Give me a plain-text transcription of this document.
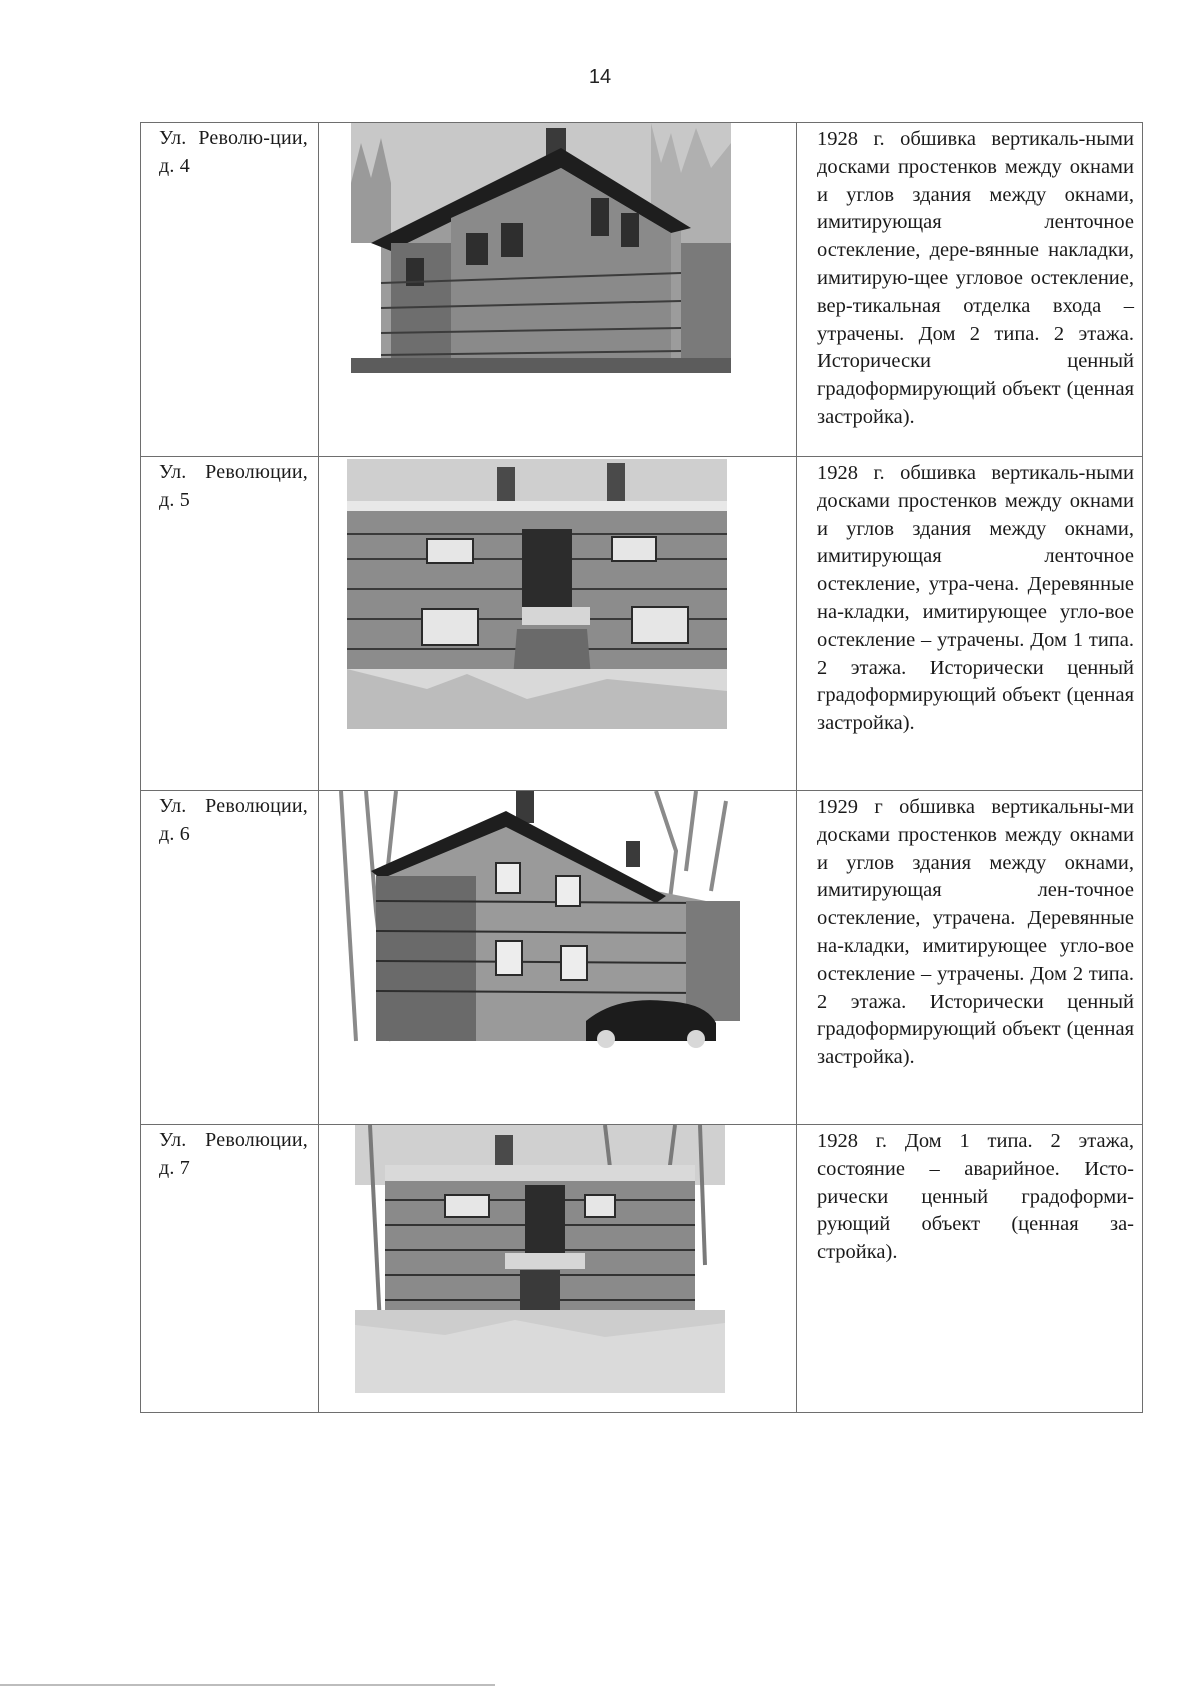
14
Ул. Револю-ции, д. 4		1928 г. обшивка вертикаль-ными досками простенков между окнами и углов здания между окнами, имитирующая ленточное остекление, дере-вянные накладки, имитирую-щее угловое остекление, вер-тикальная отделка входа – утрачены. Дом 2 типа. 2 этажа. Исторически ценный градоформирующий объект (ценная застройка).

Ул. Революции, д. 5		1928 г. обшивка вертикаль-ными досками простенков между окнами и углов здания между окнами, имитирующая ленточное остекление, утра-чена. Деревянные на-кладки, имитирующее угло-вое остекление – утрачены. Дом 1 типа. 2 этажа. Исторически ценный градоформирующий объект (ценная застройка).

Ул. Революции, д. 6		1929 г обшивка вертикальны-ми досками простенков между окнами и углов здания между окнами, имитирующая лен-точное остекление, утрачена. Деревянные на-кладки, имитирующее угло-вое остекление – утрачены. Дом 2 типа. 2 этажа. Исторически ценный градоформирующий объект (ценная застройка).

Ул. Революции, д. 7		1928 г. Дом 1 типа. 2 этажа, состояние – аварийное. Исто-рически ценный градоформи-рующий объект (ценная за-стройка).
